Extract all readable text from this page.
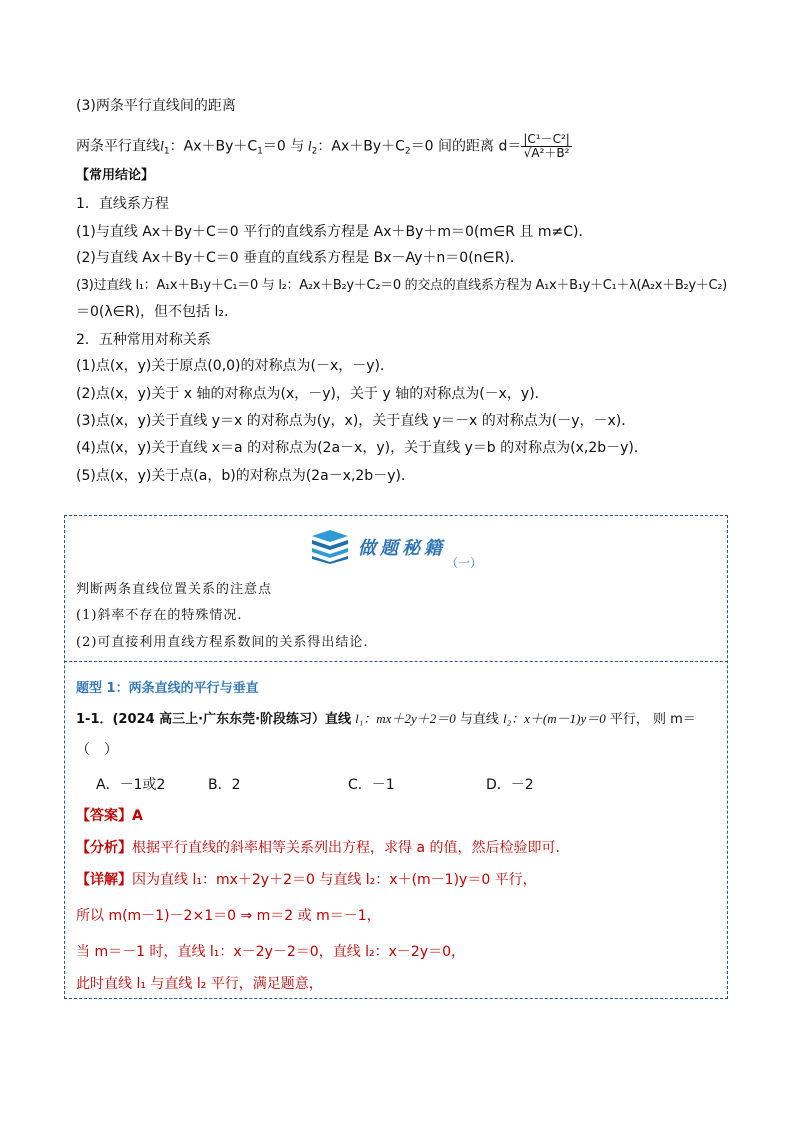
(3)两条平行直线间的距离
两条平行直线$l_1$：$Ax+By+C_1=0$ 与 $l_2$：$Ax+By+C_2=0$ 间的距离 $d= \frac{\text{|C¹－C²|}}{\text{√A²＋B²}}$
【常用结论】
1．直线系方程
(1)与直线 Ax＋By＋C＝0 平行的直线系方程是 Ax＋By＋m＝0(m∈R 且 m≠C)．
(2)与直线 Ax＋By＋C＝0 垂直的直线系方程是 Bx－Ay＋n＝0(n∈R)．
(3)过直线 l₁：A₁x＋B₁y＋C₁＝0 与 l₂：A₂x＋B₂y＋C₂＝0 的交点的直线系方程为 A₁x＋B₁y＋C₁＋λ(A₂x＋B₂y＋C₂)
＝0(λ∈R)，但不包括 l₂.
2．五种常用对称关系
(1)点(x，y)关于原点(0,0)的对称点为(－x，－y)．
(2)点(x，y)关于 x 轴的对称点为(x，－y)，关于 y 轴的对称点为(－x，y)．
(3)点(x，y)关于直线 y＝x 的对称点为(y，x)，关于直线 y＝－x 的对称点为(－y，－x)．
(4)点(x，y)关于直线 x＝a 的对称点为(2a－x，y)，关于直线 y＝b 的对称点为(x,2b－y)．
(5)点(x，y)关于点(a，b)的对称点为(2a－x,2b－y)．
做题秘籍
（一）
判断两条直线位置关系的注意点
(1)斜率不存在的特殊情况.
(2)可直接利用直线方程系数间的关系得出结论.
题型 1：两条直线的平行与垂直
1-1．(2024 高三上·广东东莞·阶段练习）直线 l₁：mx＋2y＋2＝0 与直线 l₂：x＋(m－1)y＝0 平行， 则 m＝
（　）
A．－1或2	B．2	C．－1	D．－2
【答案】A
【分析】根据平行直线的斜率相等关系列出方程，求得 a 的值，然后检验即可.
【详解】因为直线 l₁：mx＋2y＋2＝0 与直线 l₂：x＋(m－1)y＝0 平行，
所以 m(m－1)－2×1＝0 ⇒ m＝2 或 m＝－1，
当 m＝－1 时，直线 l₁：x－2y－2＝0，直线 l₂：x－2y＝0，
此时直线 l₁ 与直线 l₂ 平行，满足题意，
